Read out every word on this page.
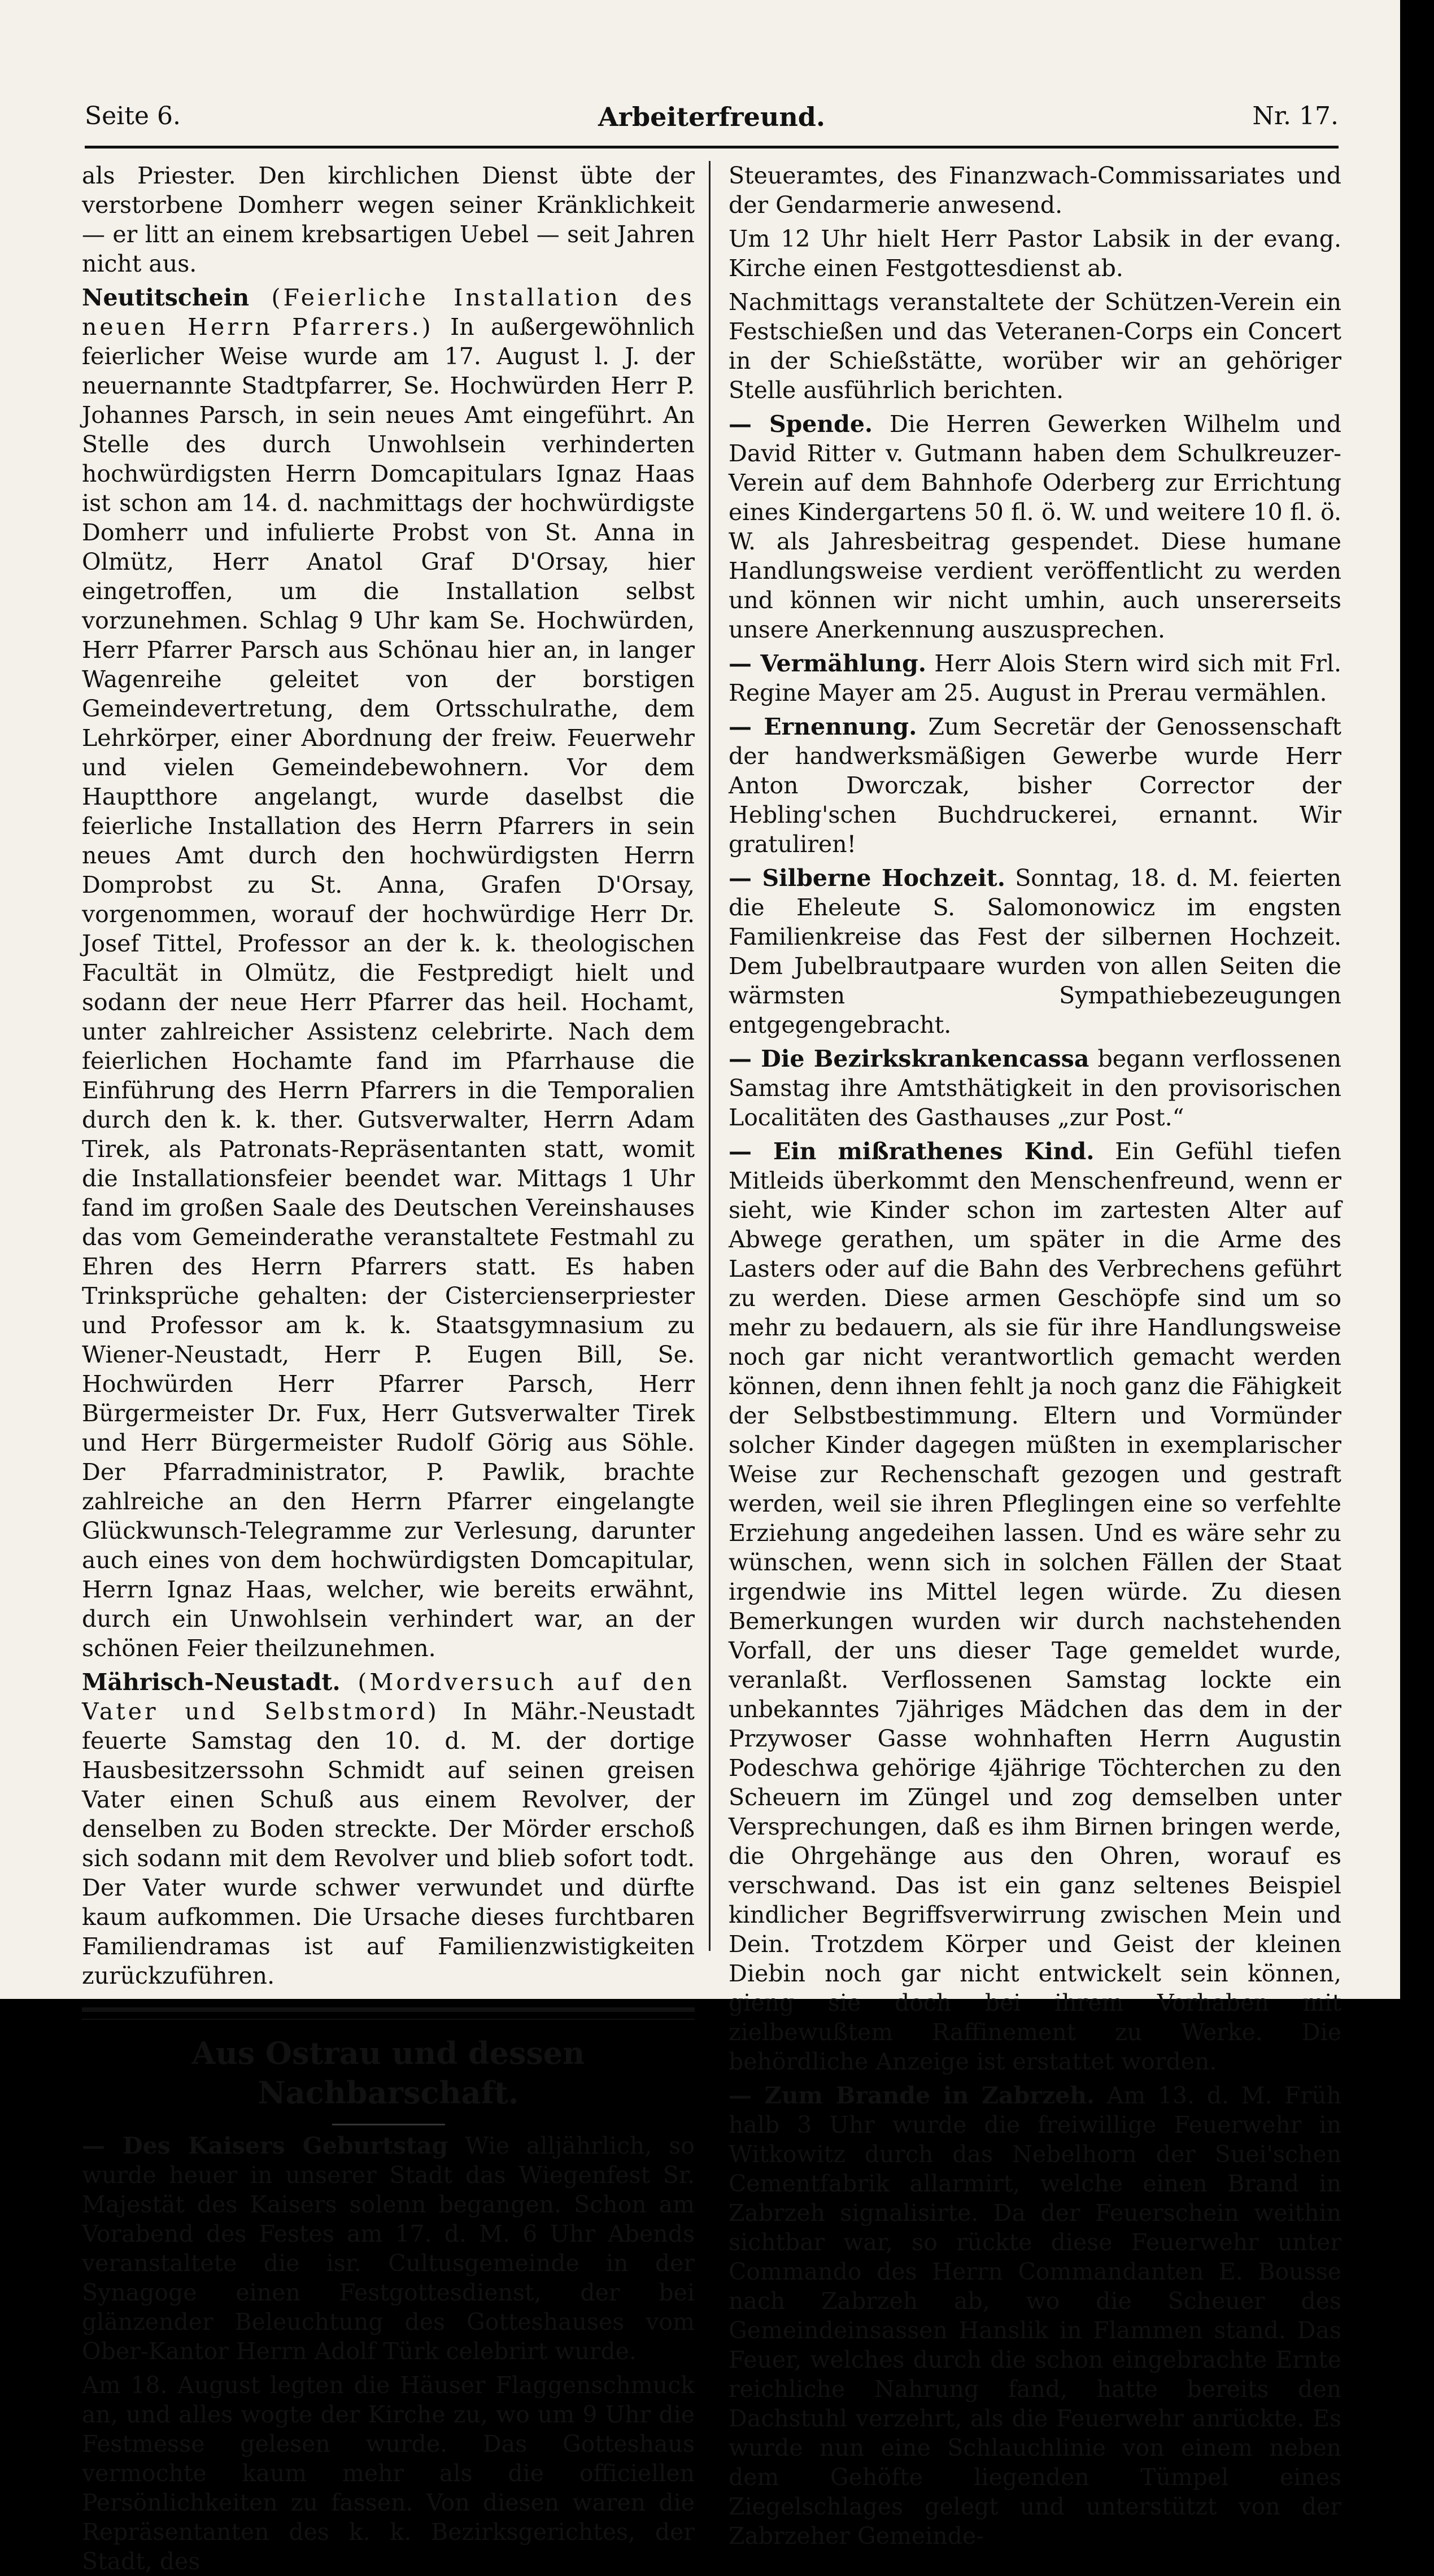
Seite 6.	Arbeiterfreund.	Nr. 17.

als Priester. Den kirchlichen Dienst übte der verstorbene Domherr wegen seiner Kränklichkeit — er litt an einem krebsartigen Uebel — seit Jahren nicht aus.

Neutitschein (Feierliche Installation des neuen Herrn Pfarrers.) In außergewöhnlich feierlicher Weise wurde am 17. August l. J. der neuernannte Stadtpfarrer, Se. Hochwürden Herr P. Johannes Parsch, in sein neues Amt eingeführt. An Stelle des durch Unwohlsein verhinderten hochwürdigsten Herrn Domcapitulars Ignaz Haas ist schon am 14. d. nachmittags der hochwürdigste Domherr und infulierte Probst von St. Anna in Olmütz, Herr Anatol Graf D'Orsay, hier eingetroffen, um die Installation selbst vorzunehmen. Schlag 9 Uhr kam Se. Hochwürden, Herr Pfarrer Parsch aus Schönau hier an, in langer Wagenreihe geleitet von der borstigen Gemeindevertretung, dem Ortsschulrathe, dem Lehrkörper, einer Abordnung der freiw. Feuerwehr und vielen Gemeindebewohnern. Vor dem Hauptthore angelangt, wurde daselbst die feierliche Installation des Herrn Pfarrers in sein neues Amt durch den hochwürdigsten Herrn Domprobst zu St. Anna, Grafen D'Orsay, vorgenommen, worauf der hochwürdige Herr Dr. Josef Tittel, Professor an der k. k. theologischen Facultät in Olmütz, die Festpredigt hielt und sodann der neue Herr Pfarrer das heil. Hochamt, unter zahlreicher Assistenz celebrirte. Nach dem feierlichen Hochamte fand im Pfarrhause die Einführung des Herrn Pfarrers in die Temporalien durch den k. k. ther. Gutsverwalter, Herrn Adam Tirek, als Patronats-Repräsentanten statt, womit die Installationsfeier beendet war. Mittags 1 Uhr fand im großen Saale des Deutschen Vereinshauses das vom Gemeinderathe veranstaltete Festmahl zu Ehren des Herrn Pfarrers statt. Es haben Trinksprüche gehalten: der Cistercienserpriester und Professor am k. k. Staatsgymnasium zu Wiener-Neustadt, Herr P. Eugen Bill, Se. Hochwürden Herr Pfarrer Parsch, Herr Bürgermeister Dr. Fux, Herr Gutsverwalter Tirek und Herr Bürgermeister Rudolf Görig aus Söhle. Der Pfarradministrator, P. Pawlik, brachte zahlreiche an den Herrn Pfarrer eingelangte Glückwunsch-Telegramme zur Verlesung, darunter auch eines von dem hochwürdigsten Domcapitular, Herrn Ignaz Haas, welcher, wie bereits erwähnt, durch ein Unwohlsein verhindert war, an der schönen Feier theilzunehmen.

Mährisch-Neustadt. (Mordversuch auf den Vater und Selbstmord) In Mähr.-Neustadt feuerte Samstag den 10. d. M. der dortige Hausbesitzerssohn Schmidt auf seinen greisen Vater einen Schuß aus einem Revolver, der denselben zu Boden streckte. Der Mörder erschoß sich sodann mit dem Revolver und blieb sofort todt. Der Vater wurde schwer verwundet und dürfte kaum aufkommen. Die Ursache dieses furchtbaren Familiendramas ist auf Familienzwistigkeiten zurückzuführen.

Aus Ostrau und dessen Nachbarschaft.

— Des Kaisers Geburtstag Wie alljährlich, so wurde heuer in unserer Stadt das Wiegenfest Sr. Majestät des Kaisers solenn begangen. Schon am Vorabend des Festes am 17. d. M. 6 Uhr Abends veranstaltete die isr. Cultusgemeinde in der Synagoge einen Festgottesdienst, der bei glänzender Beleuchtung des Gotteshauses vom Ober-Kantor Herrn Adolf Türk celebrirt wurde.

Am 18. August legten die Häuser Flaggenschmuck an, und alles wogte der Kirche zu, wo um 9 Uhr die Festmesse gelesen wurde. Das Gotteshaus vermochte kaum mehr als die officiellen Persönlichkeiten zu fassen. Von diesen waren die Repräsentanten des k. k. Bezirksgerichtes, der Stadt, des

Steueramtes, des Finanzwach-Commissariates und der Gendarmerie anwesend.

Um 12 Uhr hielt Herr Pastor Labsik in der evang. Kirche einen Festgottesdienst ab.

Nachmittags veranstaltete der Schützen-Verein ein Festschießen und das Veteranen-Corps ein Concert in der Schießstätte, worüber wir an gehöriger Stelle ausführlich berichten.

— Spende. Die Herren Gewerken Wilhelm und David Ritter v. Gutmann haben dem Schulkreuzer-Verein auf dem Bahnhofe Oderberg zur Errichtung eines Kindergartens 50 fl. ö. W. und weitere 10 fl. ö. W. als Jahresbeitrag gespendet. Diese humane Handlungsweise verdient veröffentlicht zu werden und können wir nicht umhin, auch unsererseits unsere Anerkennung auszusprechen.

— Vermählung. Herr Alois Stern wird sich mit Frl. Regine Mayer am 25. August in Prerau vermählen.

— Ernennung. Zum Secretär der Genossenschaft der handwerksmäßigen Gewerbe wurde Herr Anton Dworczak, bisher Corrector der Hebling'schen Buchdruckerei, ernannt. Wir gratuliren!

— Silberne Hochzeit. Sonntag, 18. d. M. feierten die Eheleute S. Salomonowicz im engsten Familienkreise das Fest der silbernen Hochzeit. Dem Jubelbrautpaare wurden von allen Seiten die wärmsten Sympathiebezeugungen entgegengebracht.

— Die Bezirkskrankencassa begann verflossenen Samstag ihre Amtsthätigkeit in den provisorischen Localitäten des Gasthauses „zur Post.“

— Ein mißrathenes Kind. Ein Gefühl tiefen Mitleids überkommt den Menschenfreund, wenn er sieht, wie Kinder schon im zartesten Alter auf Abwege gerathen, um später in die Arme des Lasters oder auf die Bahn des Verbrechens geführt zu werden. Diese armen Geschöpfe sind um so mehr zu bedauern, als sie für ihre Handlungsweise noch gar nicht verantwortlich gemacht werden können, denn ihnen fehlt ja noch ganz die Fähigkeit der Selbstbestimmung. Eltern und Vormünder solcher Kinder dagegen müßten in exemplarischer Weise zur Rechenschaft gezogen und gestraft werden, weil sie ihren Pfleglingen eine so verfehlte Erziehung angedeihen lassen. Und es wäre sehr zu wünschen, wenn sich in solchen Fällen der Staat irgendwie ins Mittel legen würde. Zu diesen Bemerkungen wurden wir durch nachstehenden Vorfall, der uns dieser Tage gemeldet wurde, veranlaßt. Verflossenen Samstag lockte ein unbekanntes 7jähriges Mädchen das dem in der Przywoser Gasse wohnhaften Herrn Augustin Podeschwa gehörige 4jährige Töchterchen zu den Scheuern im Züngel und zog demselben unter Versprechungen, daß es ihm Birnen bringen werde, die Ohrgehänge aus den Ohren, worauf es verschwand. Das ist ein ganz seltenes Beispiel kindlicher Begriffsverwirrung zwischen Mein und Dein. Trotzdem Körper und Geist der kleinen Diebin noch gar nicht entwickelt sein können, gieng sie doch bei ihrem Vorhaben mit zielbewußtem Raffinement zu Werke. Die behördliche Anzeige ist erstattet worden.

— Zum Brande in Zabrzeh. Am 13. d. M. Früh halb 3 Uhr wurde die freiwillige Feuerwehr in Witkowitz durch das Nebelhorn der Suei'schen Cementfabrik allarmirt, welche einen Brand in Zabrzeh signalisirte. Da der Feuerschein weithin sichtbar war, so rückte diese Feuerwehr unter Commando des Herrn Commandanten E. Bousse nach Zabrzeh ab, wo die Scheuer des Gemeindeinsassen Hanslik in Flammen stand. Das Feuer, welches durch die schon eingebrachte Ernte reichliche Nahrung fand, hatte bereits den Dachstuhl verzehrt, als die Feuerwehr anrückte. Es wurde nun eine Schlauchlinie von einem neben dem Gehöfte liegenden Tümpel eines Ziegelschlages gelegt und unterstützt von der Zabrzeher Gemeinde-
